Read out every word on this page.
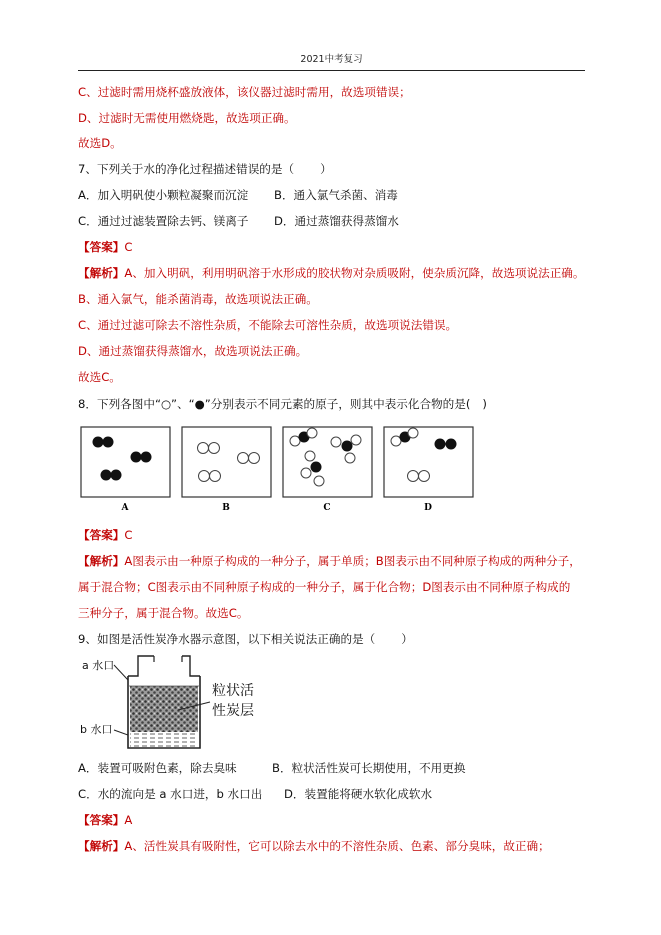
2021中考复习
C、过滤时需用烧杯盛放液体，该仪器过滤时需用，故选项错误；
D、过滤时无需使用燃烧匙，故选项正确。
故选D。
7、下列关于水的净化过程描述错误的是（ ）
A．加入明矾使小颗粒凝聚而沉淀 B．通入氯气杀菌、消毒
C．通过过滤装置除去钙、镁离子 D．通过蒸馏获得蒸馏水
【答案】C
【解析】A、加入明矾，利用明矾溶于水形成的胶状物对杂质吸附，使杂质沉降，故选项说法正确。
B、通入氯气，能杀菌消毒，故选项说法正确。
C、通过过滤可除去不溶性杂质，不能除去可溶性杂质，故选项说法错误。
D、通过蒸馏获得蒸馏水，故选项说法正确。
故选C。
8．下列各图中“○”、“●”分别表示不同元素的原子，则其中表示化合物的是( )
A	B	C	D
【答案】C
【解析】A图表示由一种原子构成的一种分子，属于单质；B图表示由不同种原子构成的两种分子，
属于混合物；C图表示由不同种原子构成的一种分子，属于化合物；D图表示由不同种原子构成的
三种分子，属于混合物。故选C。
9、如图是活性炭净水器示意图，以下相关说法正确的是（ ）
a 水口
b 水口
粒状活
性炭层
A．装置可吸附色素，除去臭味	B．粒状活性炭可长期使用，不用更换
C．水的流向是 a 水口进，b 水口出 D．装置能将硬水软化成软水
【答案】A
【解析】A、活性炭具有吸附性，它可以除去水中的不溶性杂质、色素、部分臭味，故正确；
